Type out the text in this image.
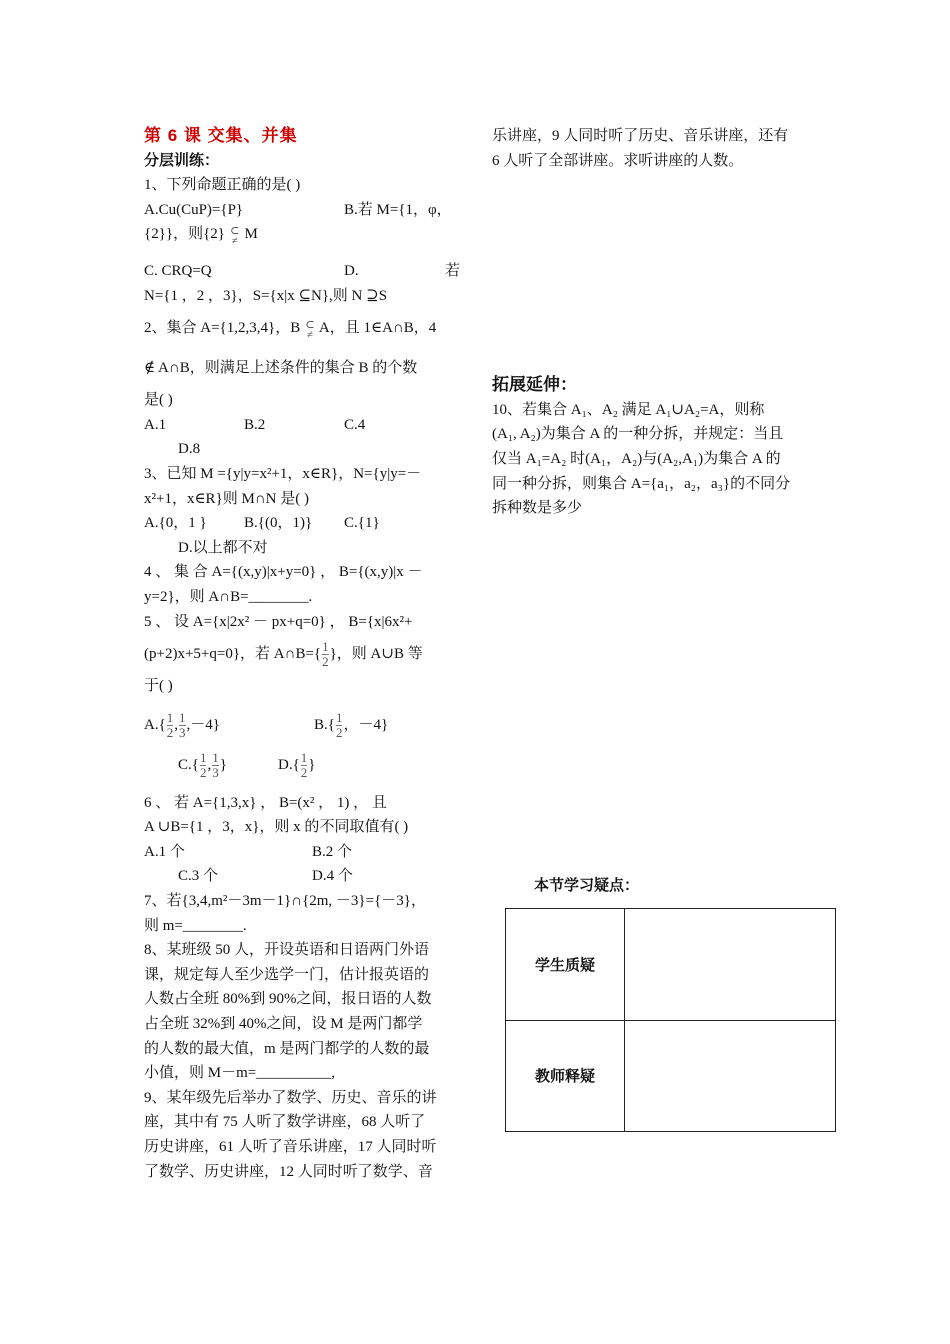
第 6 课 交集、并集
分层训练：
1、下列命题正确的是( )
A.Cu(CuP)={P}	B.若 M={1，φ，
{2}}，则{2} ⊂
≠ M
C. CRQ=Q	D.	若
N={1 ，2 ，3}，S={x|x ⊆N},则 N ⊇S
2、集合 A={1,2,3,4}，B ⊂
≠ A，且 1∈A∩B，4
∉ A∩B，则满足上述条件的集合 B 的个数
是( )
A.1	B.2	C.4
D.8
3、已知 M ={y|y=x²+1，x∈R}，N={y|y=－
x²+1，x∈R}则 M∩N 是( )
A.{0，1 }	B.{(0，1)}	C.{1}
D.以上都不对
4 、 集 合 A={(x,y)|x+y=0} ， B={(x,y)|x －
y=2}，则 A∩B=________.
5 、 设 A={x|2x² － px+q=0} ， B={x|6x²+
(p+2)x+5+q=0}，若 A∩B={ $\frac{1}{2}$ }，则 A∪B 等
于( )
$A.\{ \frac{1}{2}$ , $\frac{1}{3} ,-4$}	$B.\{ \frac{1}{2}$ ，－4}
$C.\{ \frac{1}{2}$ , $\frac{1}{3}$ }	$D.\{ \frac{1}{2}$ }
6 、 若 A={1,3,x} ， B=(x² ， 1) ， 且
A ∪B={1 ，3，x}，则 x 的不同取值有( )
A.1 个	B.2 个
C.3 个	D.4 个
7、若{3,4,m²－3m－1}∩{2m, －3}={－3}，
则 m=________.
8、某班级 50 人，开设英语和日语两门外语
课，规定每人至少选学一门，估计报英语的
人数占全班 80%到 90%之间，报日语的人数
占全班 32%到 40%之间，设 M 是两门都学
的人数的最大值，m 是两门都学的人数的最
小值，则 M－m=__________,
9、某年级先后举办了数学、历史、音乐的讲
座，其中有 75 人听了数学讲座，68 人听了
历史讲座，61 人听了音乐讲座，17 人同时听
了数学、历史讲座，12 人同时听了数学、音
乐讲座，9 人同时听了历史、音乐讲座，还有
6 人听了全部讲座。求听讲座的人数。
拓展延伸：
10、若集合 A₁、A₂ 满足 A₁∪A₂=A，则称
(A₁, A₂)为集合 A 的一种分拆，并规定：当且
仅当 A₁=A₂ 时(A₁，A₂)与(A₂,A₁)为集合 A 的
同一种分拆，则集合 A={a₁，a₂，a₃}的不同分
拆种数是多少
本节学习疑点：
学生质疑	
教师释疑	
